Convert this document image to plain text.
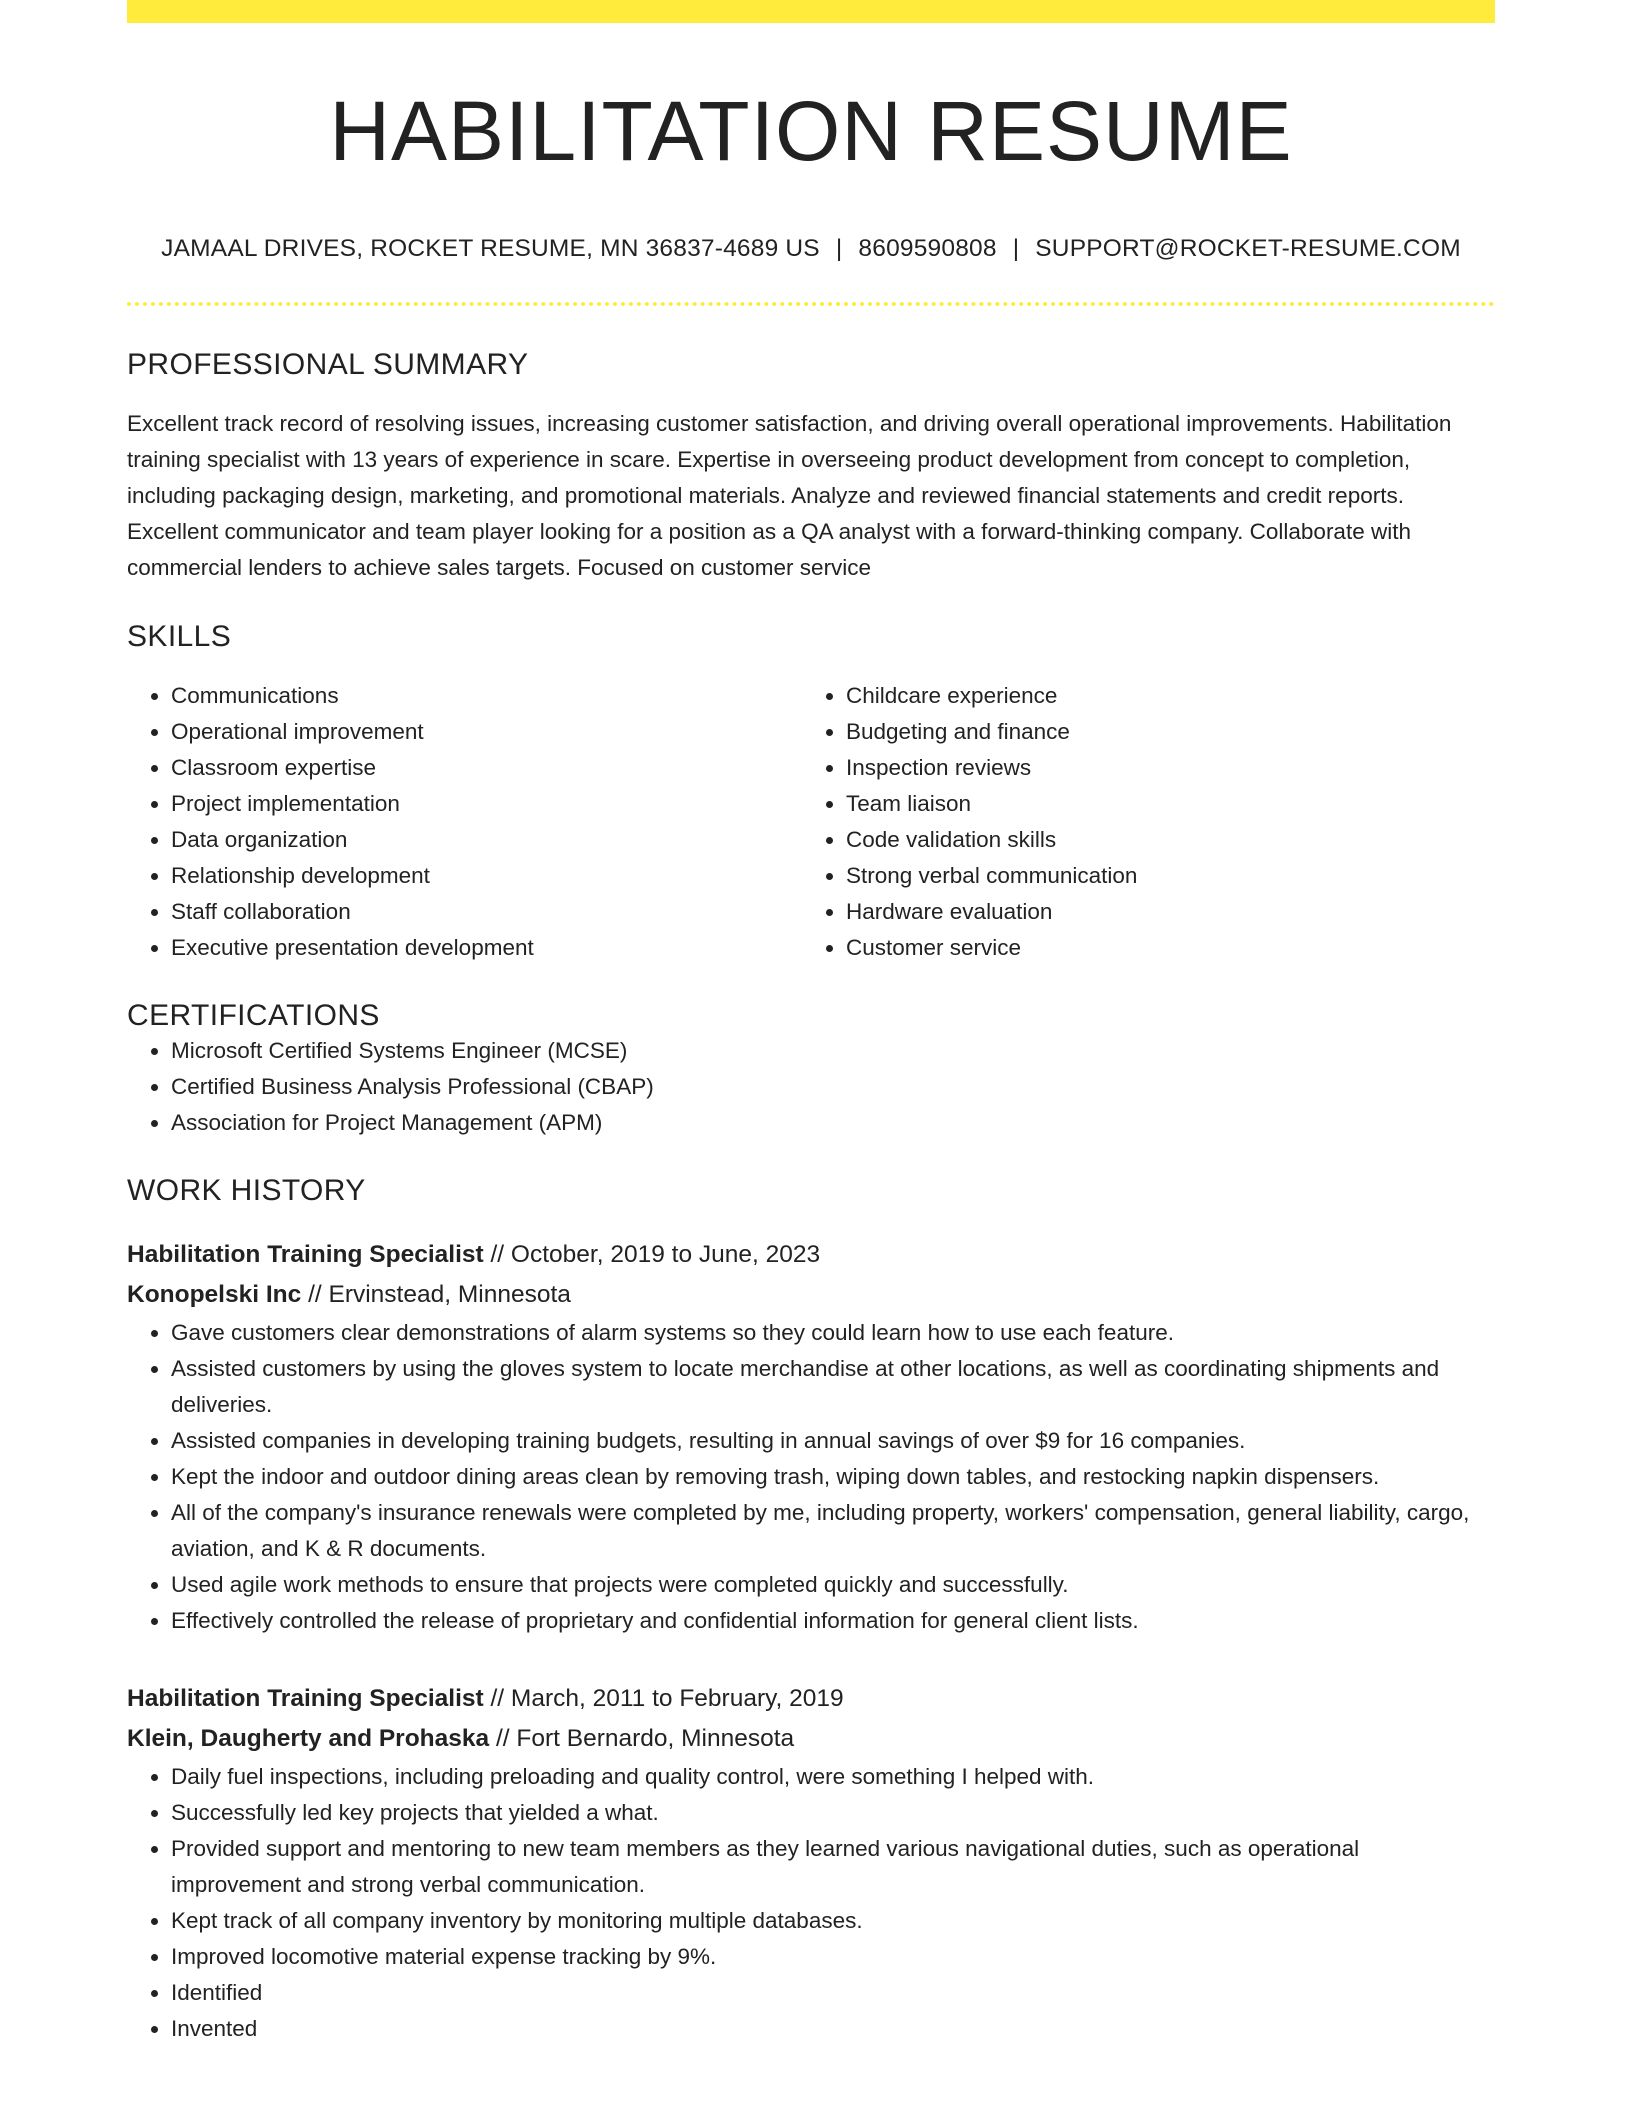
HABILITATION RESUME
JAMAAL DRIVES, ROCKET RESUME, MN 36837-4689 US | 8609590808 | SUPPORT@ROCKET-RESUME.COM
PROFESSIONAL SUMMARY
Excellent track record of resolving issues, increasing customer satisfaction, and driving overall operational improvements. Habilitation training specialist with 13 years of experience in scare. Expertise in overseeing product development from concept to completion, including packaging design, marketing, and promotional materials. Analyze and reviewed financial statements and credit reports. Excellent communicator and team player looking for a position as a QA analyst with a forward-thinking company. Collaborate with commercial lenders to achieve sales targets. Focused on customer service
SKILLS
• Communications
• Operational improvement
• Classroom expertise
• Project implementation
• Data organization
• Relationship development
• Staff collaboration
• Executive presentation development
• Childcare experience
• Budgeting and finance
• Inspection reviews
• Team liaison
• Code validation skills
• Strong verbal communication
• Hardware evaluation
• Customer service
CERTIFICATIONS
• Microsoft Certified Systems Engineer (MCSE)
• Certified Business Analysis Professional (CBAP)
• Association for Project Management (APM)
WORK HISTORY
Habilitation Training Specialist // October, 2019 to June, 2023
Konopelski Inc // Ervinstead, Minnesota
• Gave customers clear demonstrations of alarm systems so they could learn how to use each feature.
• Assisted customers by using the gloves system to locate merchandise at other locations, as well as coordinating shipments and deliveries.
• Assisted companies in developing training budgets, resulting in annual savings of over $9 for 16 companies.
• Kept the indoor and outdoor dining areas clean by removing trash, wiping down tables, and restocking napkin dispensers.
• All of the company's insurance renewals were completed by me, including property, workers' compensation, general liability, cargo, aviation, and K & R documents.
• Used agile work methods to ensure that projects were completed quickly and successfully.
• Effectively controlled the release of proprietary and confidential information for general client lists.
Habilitation Training Specialist // March, 2011 to February, 2019
Klein, Daugherty and Prohaska // Fort Bernardo, Minnesota
• Daily fuel inspections, including preloading and quality control, were something I helped with.
• Successfully led key projects that yielded a what.
• Provided support and mentoring to new team members as they learned various navigational duties, such as operational improvement and strong verbal communication.
• Kept track of all company inventory by monitoring multiple databases.
• Improved locomotive material expense tracking by 9%.
• Identified
• Invented
